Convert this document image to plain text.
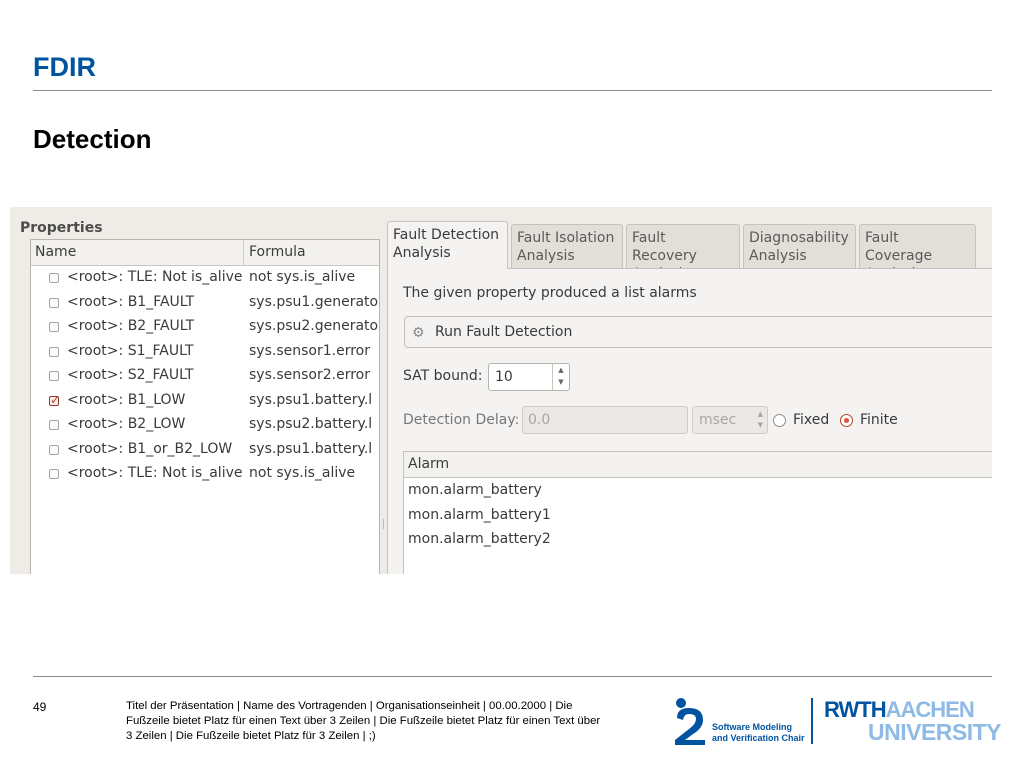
FDIR
Detection
Properties
Name	Formula
<root>: TLE: Not is_alive not sys.is_alive
<root>: B1_FAULT	sys.psu1.generato
<root>: B2_FAULT	sys.psu2.generato
<root>: S1_FAULT	sys.sensor1.error
<root>: S2_FAULT	sys.sensor2.error
✓
<root>: B1_LOW	sys.psu1.battery.l
<root>: B2_LOW	sys.psu2.battery.l
<root>: B1_or_B2_LOW sys.psu1.battery.l
<root>: TLE: Not is_alive not sys.is_alive
Fault Detection
Analysis
Fault Isolation
Analysis
Fault Recovery
Diagnosability
Analysis
Fault Coverage
The given property produced a list alarms
⚙ Run Fault Detection
SAT bound: 10	▲
▼
Detection Delay: 0.0	msec	▲
▼ Fixed Finite
Alarm
mon.alarm_battery
mon.alarm_battery1
mon.alarm_battery2
49	Titel der Präsentation | Name des Vortragenden | Organisationseinheit | 00.00.2000 | Die Fußzeile bietet Platz für einen Text über 3 Zeilen | Die Fußzeile bietet Platz für einen Text über 3 Zeilen | Die Fußzeile bietet Platz für 3 Zeilen | ;)
Software Modeling
and Verification Chair
RWTHAACHEN
UNIVERSITY
